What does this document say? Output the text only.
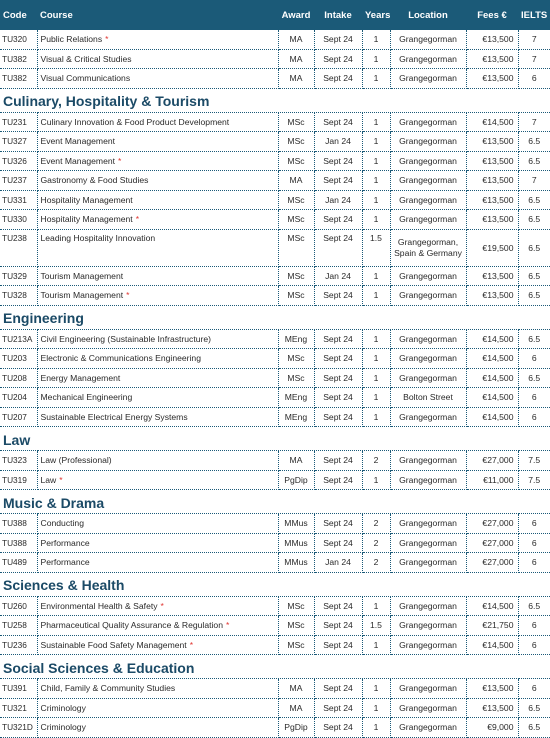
Code	Course	Award	Intake	Years	Location	Fees €	IELTS
TU320	Public Relations *	MA	Sept 24	1	Grangegorman	€13,500	7
TU382	Visual & Critical Studies	MA	Sept 24	1	Grangegorman	€13,500	7
TU382	Visual Communications	MA	Sept 24	1	Grangegorman	€13,500	6
Culinary, Hospitality & Tourism							
TU231	Culinary Innovation & Food Product Development	MSc	Sept 24	1	Grangegorman	€14,500	7
TU327	Event Management	MSc	Jan 24	1	Grangegorman	€13,500	6.5
TU326	Event Management *	MSc	Sept 24	1	Grangegorman	€13,500	6.5
TU237	Gastronomy & Food Studies	MA	Sept 24	1	Grangegorman	€13,500	7
TU331	Hospitality Management	MSc	Jan 24	1	Grangegorman	€13,500	6.5
TU330	Hospitality Management *	MSc	Sept 24	1	Grangegorman	€13,500	6.5
TU238	Leading Hospitality Innovation	MSc	Sept 24	1.5	Grangegorman, Spain & Germany	€19,500	6.5
TU329	Tourism Management	MSc	Jan 24	1	Grangegorman	€13,500	6.5
TU328	Tourism Management *	MSc	Sept 24	1	Grangegorman	€13,500	6.5
Engineering							
TU213A	Civil Engineering (Sustainable Infrastructure)	MEng	Sept 24	1	Grangegorman	€14,500	6.5
TU203	Electronic & Communications Engineering	MSc	Sept 24	1	Grangegorman	€14,500	6
TU208	Energy Management	MSc	Sept 24	1	Grangegorman	€14,500	6.5
TU204	Mechanical Engineering	MEng	Sept 24	1	Bolton Street	€14,500	6
TU207	Sustainable Electrical Energy Systems	MEng	Sept 24	1	Grangegorman	€14,500	6
Law							
TU323	Law (Professional)	MA	Sept 24	2	Grangegorman	€27,000	7.5
TU319	Law *	PgDip	Sept 24	1	Grangegorman	€11,000	7.5
Music & Drama							
TU388	Conducting	MMus	Sept 24	2	Grangegorman	€27,000	6
TU388	Performance	MMus	Sept 24	2	Grangegorman	€27,000	6
TU489	Performance	MMus	Jan 24	2	Grangegorman	€27,000	6
Sciences & Health							
TU260	Environmental Health & Safety *	MSc	Sept 24	1	Grangegorman	€14,500	6.5
TU258	Pharmaceutical Quality Assurance & Regulation *	MSc	Sept 24	1.5	Grangegorman	€21,750	6
TU236	Sustainable Food Safety Management *	MSc	Sept 24	1	Grangegorman	€14,500	6
Social Sciences & Education							
TU391	Child, Family & Community Studies	MA	Sept 24	1	Grangegorman	€13,500	6
TU321	Criminology	MA	Sept 24	1	Grangegorman	€13,500	6.5
TU321D	Criminology	PgDip	Sept 24	1	Grangegorman	€9,000	6.5
